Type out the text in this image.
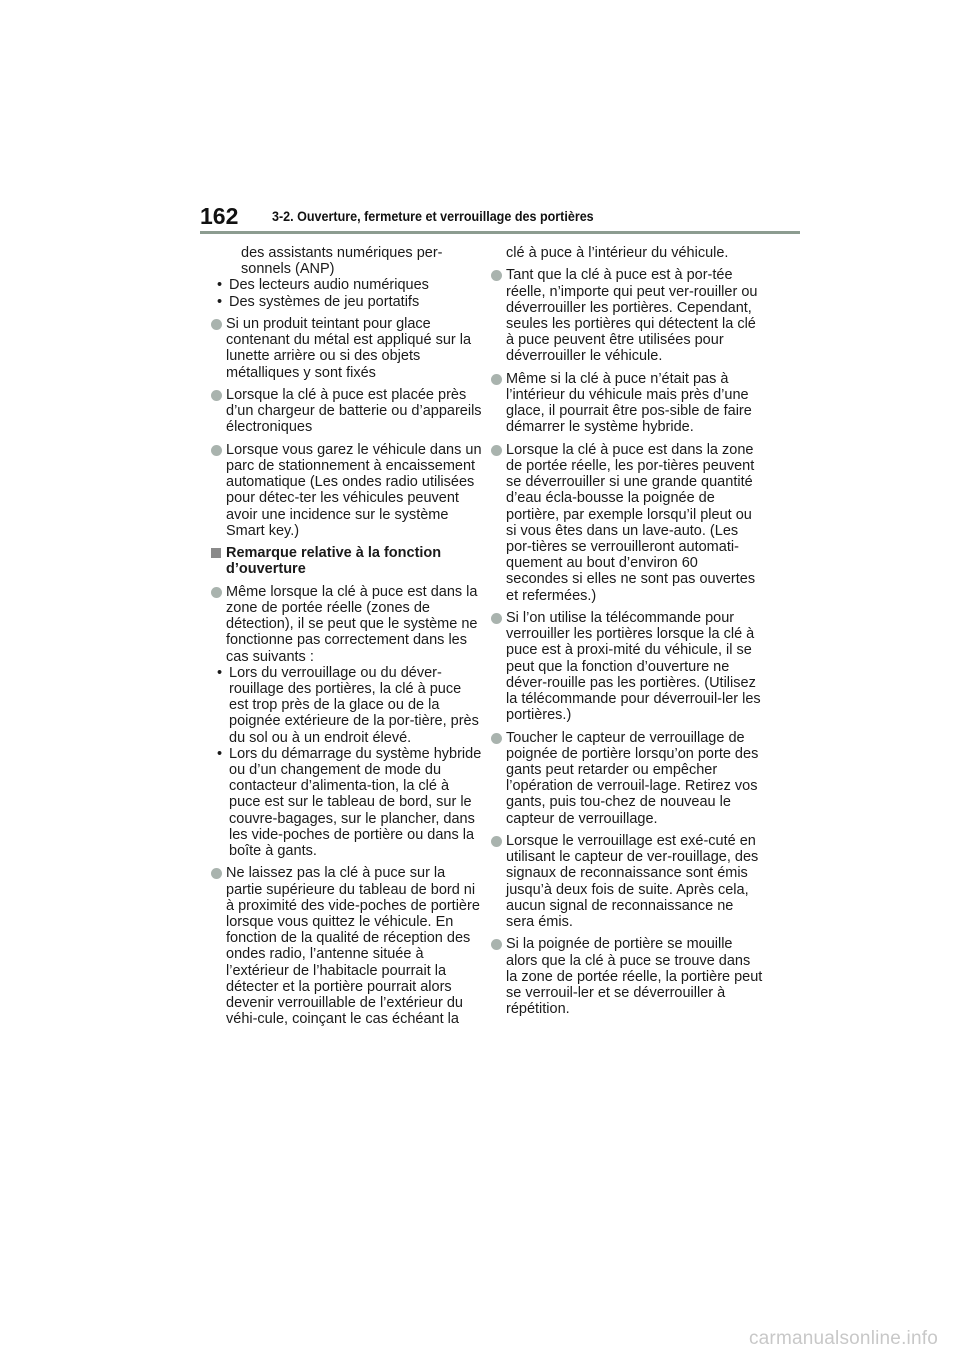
162 3-2. Ouverture, fermeture et verrouillage des portières

des assistants numériques per-sonnels (ANP)

• Des lecteurs audio numériques
• Des systèmes de jeu portatifs

Si un produit teintant pour glace contenant du métal est appliqué sur la lunette arrière ou si des objets métalliques y sont fixés

Lorsque la clé à puce est placée près d’un chargeur de batterie ou d’appareils électroniques

Lorsque vous garez le véhicule dans un parc de stationnement à encaissement automatique (Les ondes radio utilisées pour détec-ter les véhicules peuvent avoir une incidence sur le système Smart key.)

Remarque relative à la fonction d’ouverture

Même lorsque la clé à puce est dans la zone de portée réelle (zones de détection), il se peut que le système ne fonctionne pas correctement dans les cas suivants :

• Lors du verrouillage ou du déver-rouillage des portières, la clé à puce est trop près de la glace ou de la poignée extérieure de la por-tière, près du sol ou à un endroit élevé.
• Lors du démarrage du système hybride ou d’un changement de mode du contacteur d’alimenta-tion, la clé à puce est sur le tableau de bord, sur le couvre-bagages, sur le plancher, dans les vide-poches de portière ou dans la boîte à gants.

Ne laissez pas la clé à puce sur la partie supérieure du tableau de bord ni à proximité des vide-poches de portière lorsque vous quittez le véhicule. En fonction de la qualité de réception des ondes radio, l’antenne située à l’extérieur de l’habitacle pourrait la détecter et la portière pourrait alors devenir verrouillable de l’extérieur du véhi-cule, coinçant le cas échéant la

clé à puce à l’intérieur du véhicule.

Tant que la clé à puce est à por-tée réelle, n’importe qui peut ver-rouiller ou déverrouiller les portières. Cependant, seules les portières qui détectent la clé à puce peuvent être utilisées pour déverrouiller le véhicule.

Même si la clé à puce n’était pas à l’intérieur du véhicule mais près d’une glace, il pourrait être pos-sible de faire démarrer le système hybride.

Lorsque la clé à puce est dans la zone de portée réelle, les por-tières peuvent se déverrouiller si une grande quantité d’eau écla-bousse la poignée de portière, par exemple lorsqu’il pleut ou si vous êtes dans un lave-auto. (Les por-tières se verrouilleront automati-quement au bout d’environ 60 secondes si elles ne sont pas ouvertes et refermées.)

Si l’on utilise la télécommande pour verrouiller les portières lorsque la clé à puce est à proxi-mité du véhicule, il se peut que la fonction d’ouverture ne déver-rouille pas les portières. (Utilisez la télécommande pour déverrouil-ler les portières.)

Toucher le capteur de verrouillage de poignée de portière lorsqu’on porte des gants peut retarder ou empêcher l’opération de verrouil-lage. Retirez vos gants, puis tou-chez de nouveau le capteur de verrouillage.

Lorsque le verrouillage est exé-cuté en utilisant le capteur de ver-rouillage, des signaux de reconnaissance sont émis jusqu’à deux fois de suite. Après cela, aucun signal de reconnaissance ne sera émis.

Si la poignée de portière se mouille alors que la clé à puce se trouve dans la zone de portée réelle, la portière peut se verrouil-ler et se déverrouiller à répétition.

carmanualsonline.info
